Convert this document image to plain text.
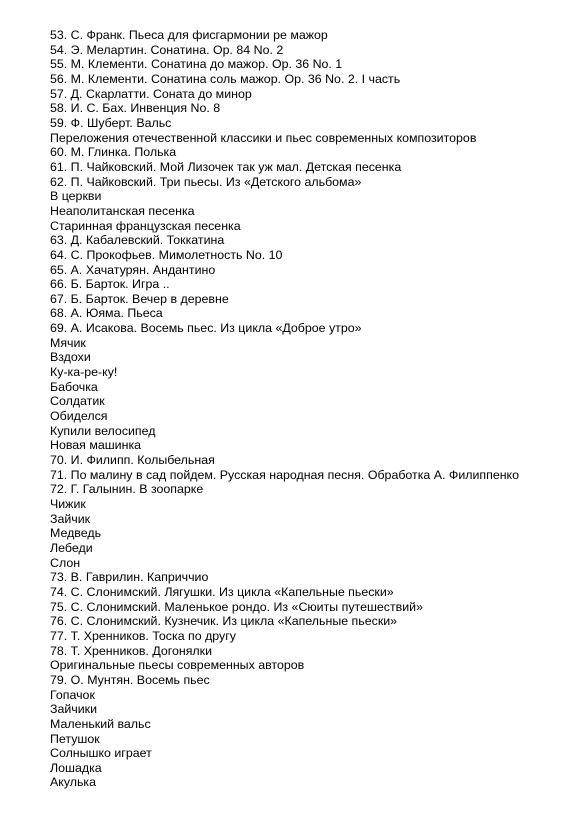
53. С. Франк. Пьеса для фисгармонии ре мажор
54. Э. Мелартин. Сонатина. Ор. 84 No. 2
55. М. Клементи. Сонатина до мажор. Op. 36 No. 1
56. М. Клементи. Сонатина соль мажор. Ор. 36 No. 2. I часть
57. Д. Скарлатти. Соната до минор
58. И. С. Бах. Инвенция No. 8
59. Ф. Шуберт. Вальс
Переложения отечественной классики и пьес современных композиторов
60. М. Глинка. Полька
61. П. Чайковский. Мой Лизочек так уж мал. Детская песенка
62. П. Чайковский. Три пьесы. Из «Детского альбома»
В церкви
Неаполитанская песенка
Старинная французская песенка
63. Д. Кабалевский. Токкатина
64. С. Прокофьев. Мимолетность No. 10
65. А. Хачатурян. Андантино
66. Б. Барток. Игра ..
67. Б. Барток. Вечер в деревне
68. А. Юяма. Пьеса
69. А. Исакова. Восемь пьес. Из цикла «Доброе утро»
Мячик
Вздохи
Ку-ка-ре-ку!
Бабочка
Солдатик
Обиделся
Купили велосипед
Новая машинка
70. И. Филипп. Колыбельная
71. По малину в сад пойдем. Русская народная песня. Обработка А. Филиппенко
72. Г. Галынин. В зоопарке
Чижик
Зайчик
Медведь
Лебеди
Слон
73. В. Гаврилин. Каприччио
74. С. Слонимский. Лягушки. Из цикла «Капельные пьески»
75. С. Слонимский. Маленькое рондо. Из «Сюиты путешествий»
76. С. Слонимский. Кузнечик. Из цикла «Капельные пьески»
77. Т. Хренников. Тоска по другу
78. Т. Хренников. Догонялки
Оригинальные пьесы современных авторов
79. О. Мунтян. Восемь пьес
Гопачок
Зайчики
Маленький вальс
Петушок
Солнышко играет
Лошадка
Акулька
